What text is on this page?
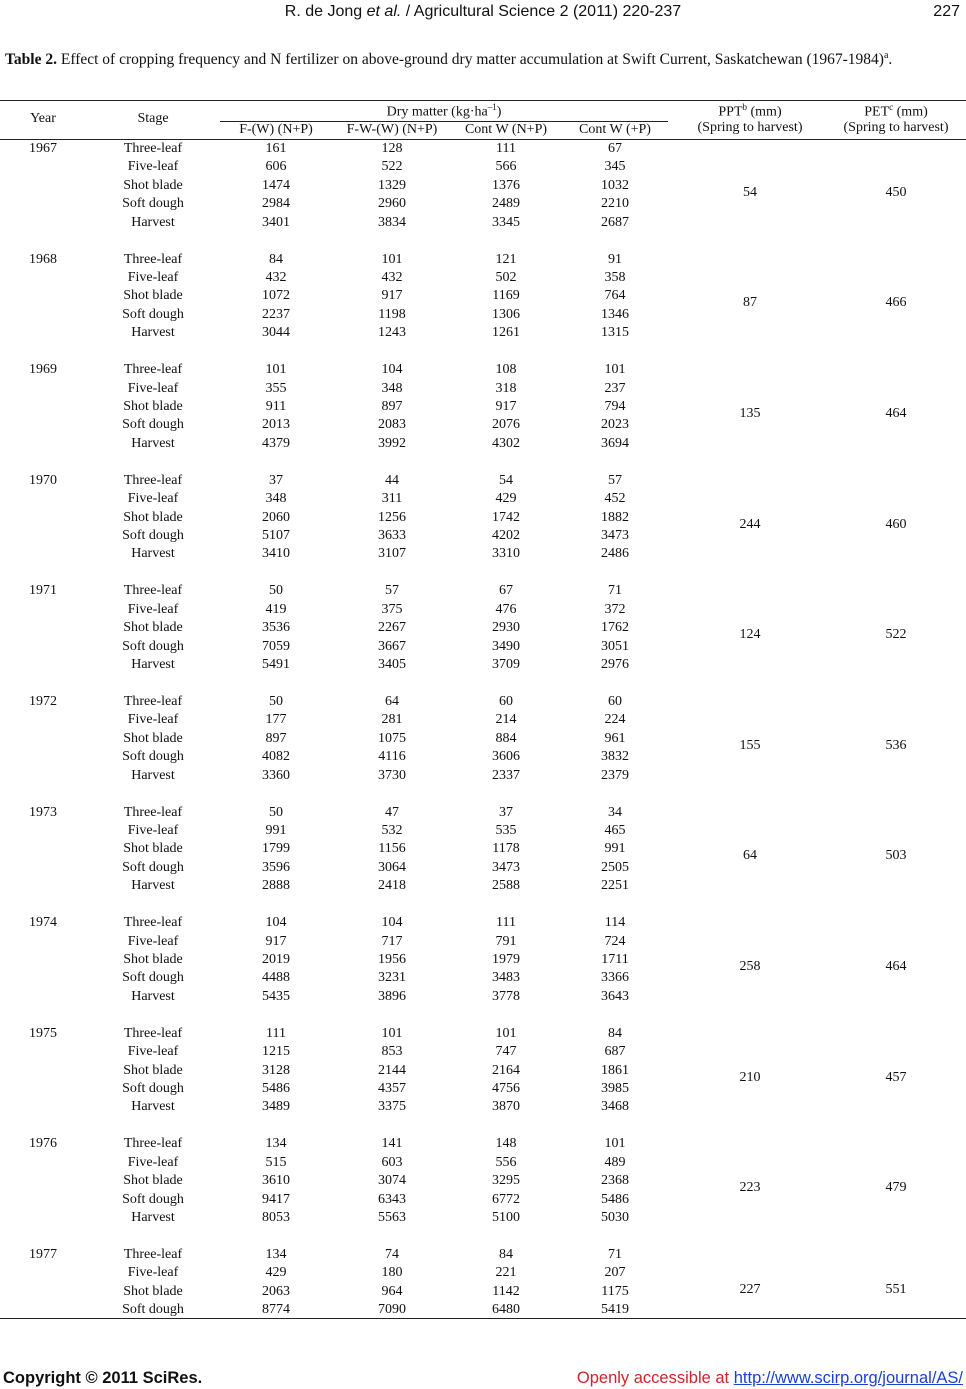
R. de Jong et al. / Agricultural Science 2 (2011) 220-237	227
Table 2. Effect of cropping frequency and N fertilizer on above-ground dry matter accumulation at Swift Current, Saskatchewan (1967-1984)$^a$.
Year	Stage	Dry matter $(kg\cdot ha^{-1})$
F-(W) (N+P)	F-W-(W) (N+P)	Cont W (N+P)	Cont W (+P)
PPT$^b$ (mm)
(Spring to harvest)
PET$^c$ (mm)
(Spring to harvest)
1967	Three-leaf	161	128	111	67
Five-leaf	606	522	566	345
Shot blade	1474	1329	1376	1032
Soft dough	2984	2960	2489	2210
Harvest	3401	3834	3345	2687
54	450
1968	Three-leaf	84	101	121	91
Five-leaf	432	432	502	358
Shot blade	1072	917	1169	764
Soft dough	2237	1198	1306	1346
Harvest	3044	1243	1261	1315
87	466
1969	Three-leaf	101	104	108	101
Five-leaf	355	348	318	237
Shot blade	911	897	917	794
Soft dough	2013	2083	2076	2023
Harvest	4379	3992	4302	3694
135	464
1970	Three-leaf	37	44	54	57
Five-leaf	348	311	429	452
Shot blade	2060	1256	1742	1882
Soft dough	5107	3633	4202	3473
Harvest	3410	3107	3310	2486
244	460
1971	Three-leaf	50	57	67	71
Five-leaf	419	375	476	372
Shot blade	3536	2267	2930	1762
Soft dough	7059	3667	3490	3051
Harvest	5491	3405	3709	2976
124	522
1972	Three-leaf	50	64	60	60
Five-leaf	177	281	214	224
Shot blade	897	1075	884	961
Soft dough	4082	4116	3606	3832
Harvest	3360	3730	2337	2379
155	536
1973	Three-leaf	50	47	37	34
Five-leaf	991	532	535	465
Shot blade	1799	1156	1178	991
Soft dough	3596	3064	3473	2505
Harvest	2888	2418	2588	2251
64	503
1974	Three-leaf	104	104	111	114
Five-leaf	917	717	791	724
Shot blade	2019	1956	1979	1711
Soft dough	4488	3231	3483	3366
Harvest	5435	3896	3778	3643
258	464
1975	Three-leaf	111	101	101	84
Five-leaf	1215	853	747	687
Shot blade	3128	2144	2164	1861
Soft dough	5486	4357	4756	3985
Harvest	3489	3375	3870	3468
210	457
1976	Three-leaf	134	141	148	101
Five-leaf	515	603	556	489
Shot blade	3610	3074	3295	2368
Soft dough	9417	6343	6772	5486
Harvest	8053	5563	5100	5030
223	479
1977	Three-leaf	134	74	84	71
Five-leaf	429	180	221	207
Shot blade	2063	964	1142	1175
Soft dough	8774	7090	6480	5419
227	551
Copyright © 2011 SciRes.	Openly accessible at http://www.scirp.org/journal/AS/
